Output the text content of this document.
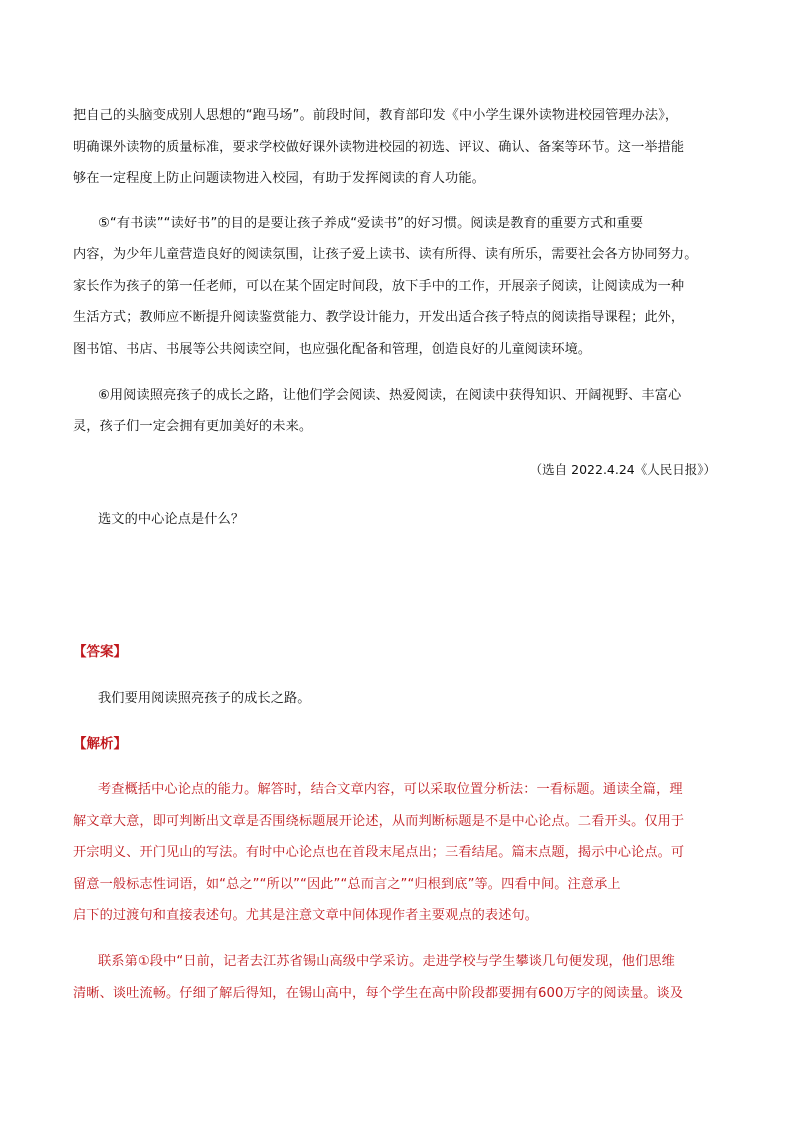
把自己的头脑变成别人思想的“跑马场”。前段时间，教育部印发《中小学生课外读物进校园管理办法》，
明确课外读物的质量标准，要求学校做好课外读物进校园的初选、评议、确认、备案等环节。这一举措能
够在一定程度上防止问题读物进入校园，有助于发挥阅读的育人功能。
⑤“有书读”“读好书”的目的是要让孩子养成“爱读书”的好习惯。阅读是教育的重要方式和重要
内容，为少年儿童营造良好的阅读氛围，让孩子爱上读书、读有所得、读有所乐，需要社会各方协同努力。
家长作为孩子的第一任老师，可以在某个固定时间段，放下手中的工作，开展亲子阅读，让阅读成为一种
生活方式；教师应不断提升阅读鉴赏能力、教学设计能力，开发出适合孩子特点的阅读指导课程；此外，
图书馆、书店、书展等公共阅读空间，也应强化配备和管理，创造良好的儿童阅读环境。
⑥用阅读照亮孩子的成长之路，让他们学会阅读、热爱阅读，在阅读中获得知识、开阔视野、丰富心
灵，孩子们一定会拥有更加美好的未来。
（选自 2022.4.24《人民日报》）
选文的中心论点是什么？
【答案】
我们要用阅读照亮孩子的成长之路。
【解析】
考查概括中心论点的能力。解答时，结合文章内容，可以采取位置分析法：一看标题。通读全篇，理
解文章大意，即可判断出文章是否围绕标题展开论述，从而判断标题是不是中心论点。二看开头。仅用于
开宗明义、开门见山的写法。有时中心论点也在首段末尾点出；三看结尾。篇末点题，揭示中心论点。可
留意一般标志性词语，如“总之”“所以”“因此”“总而言之”“归根到底”等。四看中间。注意承上
启下的过渡句和直接表述句。尤其是注意文章中间体现作者主要观点的表述句。
联系第①段中“日前，记者去江苏省锡山高级中学采访。走进学校与学生攀谈几句便发现，他们思维
清晰、谈吐流畅。仔细了解后得知，在锡山高中，每个学生在高中阶段都要拥有600万字的阅读量。谈及
